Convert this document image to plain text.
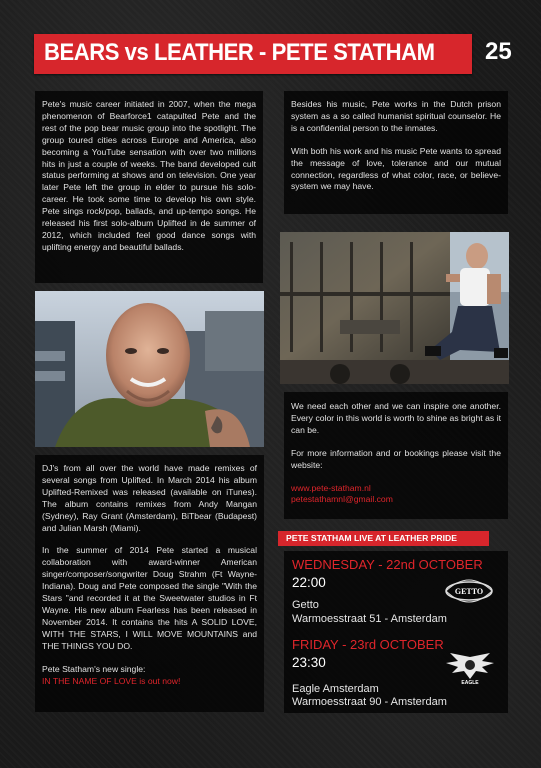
BEARS vs LEATHER - PETE STATHAM 25

Pete's music career initiated in 2007, when the mega phenomenon of Bearforce1 catapulted Pete and the rest of the pop bear music group into the spotlight. The group toured cities across Europe and America, also becoming a YouTube sensation with over two millions hits in just a couple of weeks. The band developed cult status performing at shows and on television. One year later Pete left the group in elder to pursue his solo-career. He took some time to develop his own style. Pete sings rock/pop, ballads, and up-tempo songs. He released his first solo-album Uplifted in de summer of 2012, which included feel good dance songs with uplifting energy and beautiful ballads.

DJ's from all over the world have made remixes of several songs from Uplifted. In March 2014 his album Uplifted-Remixed was released (available on iTunes). The album contains remixes from Andy Mangan (Sydney), Ray Grant (Amsterdam), BiTbear (Budapest) and Julian Marsh (Miami).

In the summer of 2014 Pete started a musical collaboration with award-winner American singer/composer/songwriter Doug Strahm (Ft Wayne-Indiana). Doug and Pete composed the single "With the Stars "and recorded it at the Sweetwater studios in Ft Wayne. His new album Fearless has been released in November 2014. It contains the hits A SOLID LOVE, WITH THE STARS, I WILL MOVE MOUNTAINS and THE THINGS YOU DO.

Pete Statham's new single:
IN THE NAME OF LOVE is out now!

Besides his music, Pete works in the Dutch prison system as a so called humanist spiritual counselor. He is a confidential person to the inmates.

With both his work and his music Pete wants to spread the message of love, tolerance and our mutual connection, regardless of what color, race, or believe-system we may have.

We need each other and we can inspire one another. Every color in this world is worth to shine as bright as it can be.

For more information and or bookings please visit the website:

www.pete-statham.nl
petestathamnl@gmail.com

PETE STATHAM LIVE AT LEATHER PRIDE
WEDNESDAY - 22nd OCTOBER
22:00
Getto
Warmoesstraat 51 - Amsterdam
GETTO
FRIDAY - 23rd OCTOBER
23:30
Eagle Amsterdam
Warmoesstraat 90 - Amsterdam
EAGLE
